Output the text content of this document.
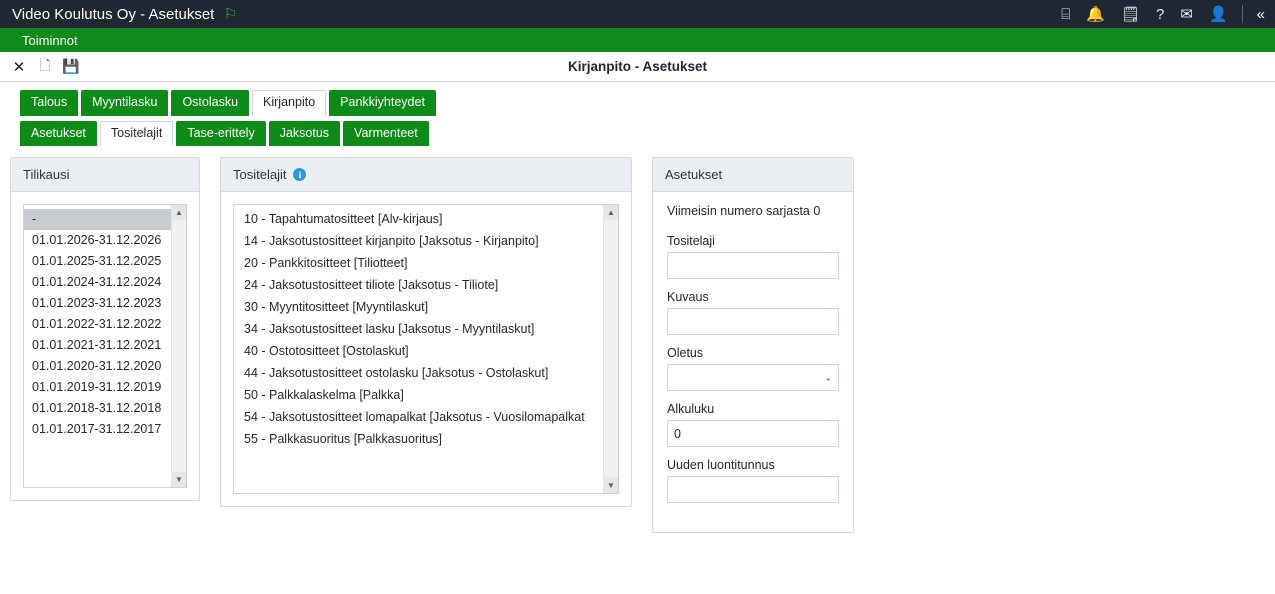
Video Koulutus Oy - Asetukset ⚐	⌸ 🔔 🗒 ? ✉ 👤 «
Toiminnot
✕	🗋 💾	Kirjanpito - Asetukset
Talous	Myyntilasku	Ostolasku	Kirjanpito	Pankkiyhteydet
Asetukset	Tositelajit	Tase-erittely	Jaksotus	Varmenteet
Tilikausi
-
01.01.2026-31.12.2026
01.01.2025-31.12.2025
01.01.2024-31.12.2024
01.01.2023-31.12.2023
01.01.2022-31.12.2022
01.01.2021-31.12.2021
01.01.2020-31.12.2020
01.01.2019-31.12.2019
01.01.2018-31.12.2018
01.01.2017-31.12.2017
▲
▼
Tositelajit	i
10 - Tapahtumatositteet [Alv-kirjaus]
14 - Jaksotustositteet kirjanpito [Jaksotus - Kirjanpito]
20 - Pankkitositteet [Tiliotteet]
24 - Jaksotustositteet tiliote [Jaksotus - Tiliote]
30 - Myyntitositteet [Myyntilaskut]
34 - Jaksotustositteet lasku [Jaksotus - Myyntilaskut]
40 - Ostotositteet [Ostolaskut]
44 - Jaksotustositteet ostolasku [Jaksotus - Ostolaskut]
50 - Palkkalaskelma [Palkka]
54 - Jaksotustositteet lomapalkat [Jaksotus - Vuosilomapalkat
55 - Palkkasuoritus [Palkkasuoritus]
▲
▼
Asetukset
Viimeisin numero sarjasta 0
Tositelaji
Kuvaus
Oletus
⌄
Alkuluku
0
Uuden luontitunnus
